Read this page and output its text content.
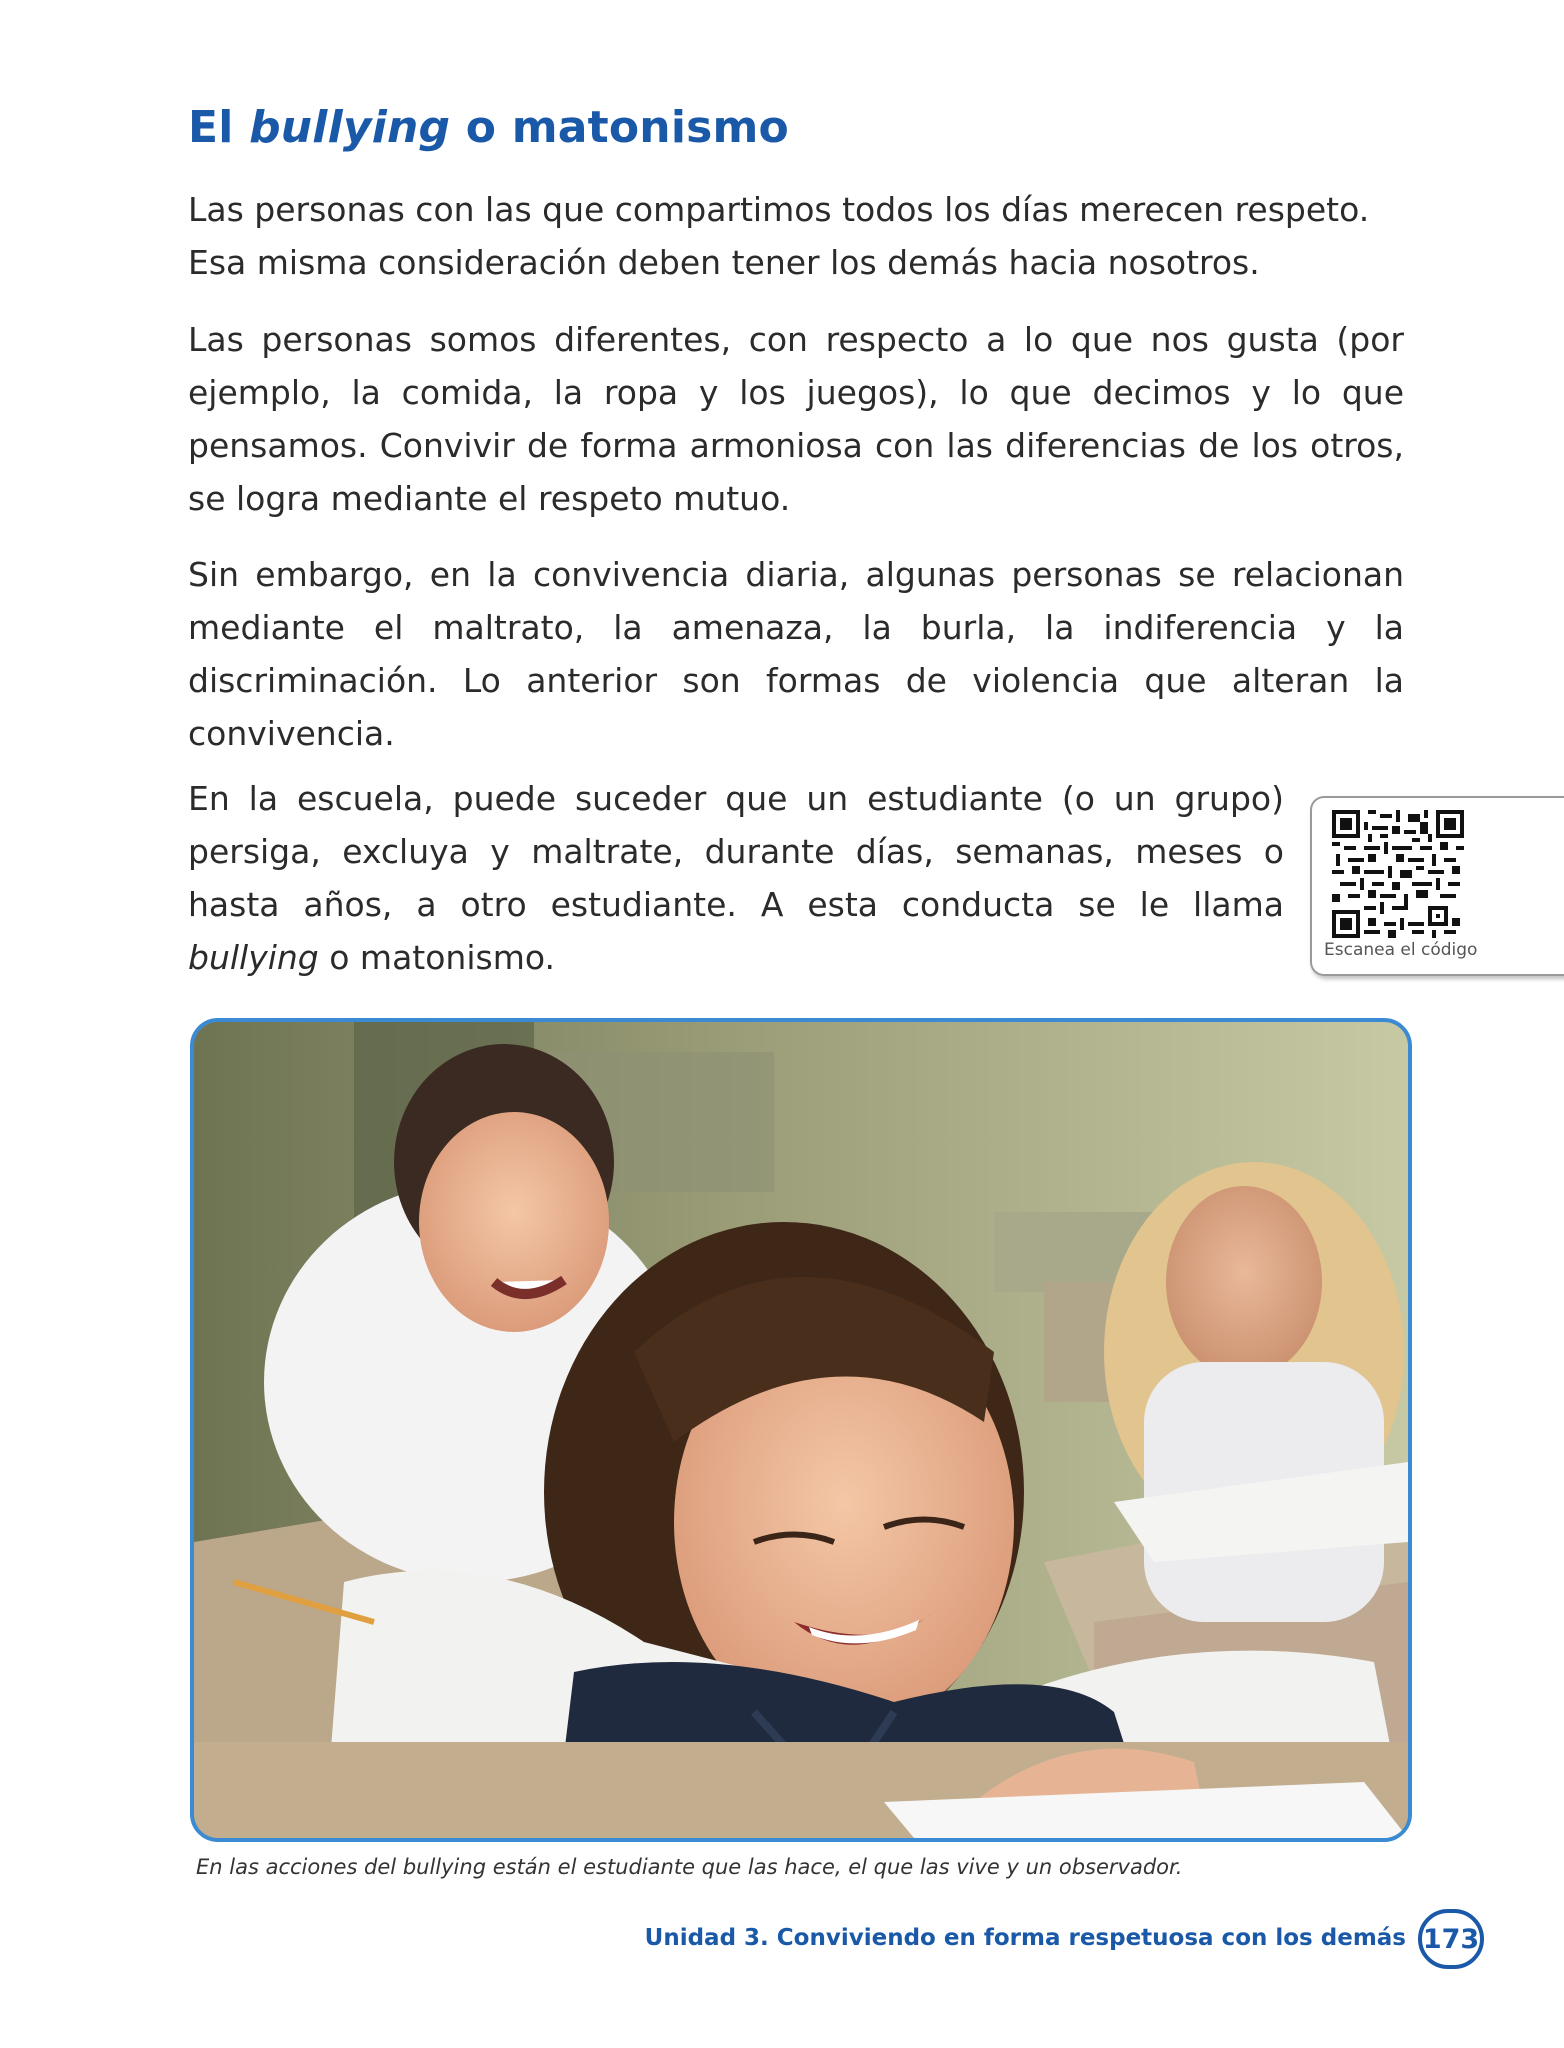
El bullying o matonismo

Las personas con las que compartimos todos los días merecen respeto. Esa misma consideración deben tener los demás hacia nosotros.

Las personas somos diferentes, con respecto a lo que nos gusta (por ejemplo, la comida, la ropa y los juegos), lo que decimos y lo que pensamos. Convivir de forma armoniosa con las diferencias de los otros, se logra mediante el respeto mutuo.

Sin embargo, en la convivencia diaria, algunas personas se relacionan mediante el maltrato, la amenaza, la burla, la indiferencia y la discriminación. Lo anterior son formas de violencia que alteran la convivencia.

En la escuela, puede suceder que un estudiante (o un grupo) persiga, excluya y maltrate, durante días, semanas, meses o hasta años, a otro estudiante. A esta conducta se le llama bullying o matonismo.	Escanea el código

En las acciones del bullying están el estudiante que las hace, el que las vive y un observador.

Unidad 3. Conviviendo en forma respetuosa con los demás 173
